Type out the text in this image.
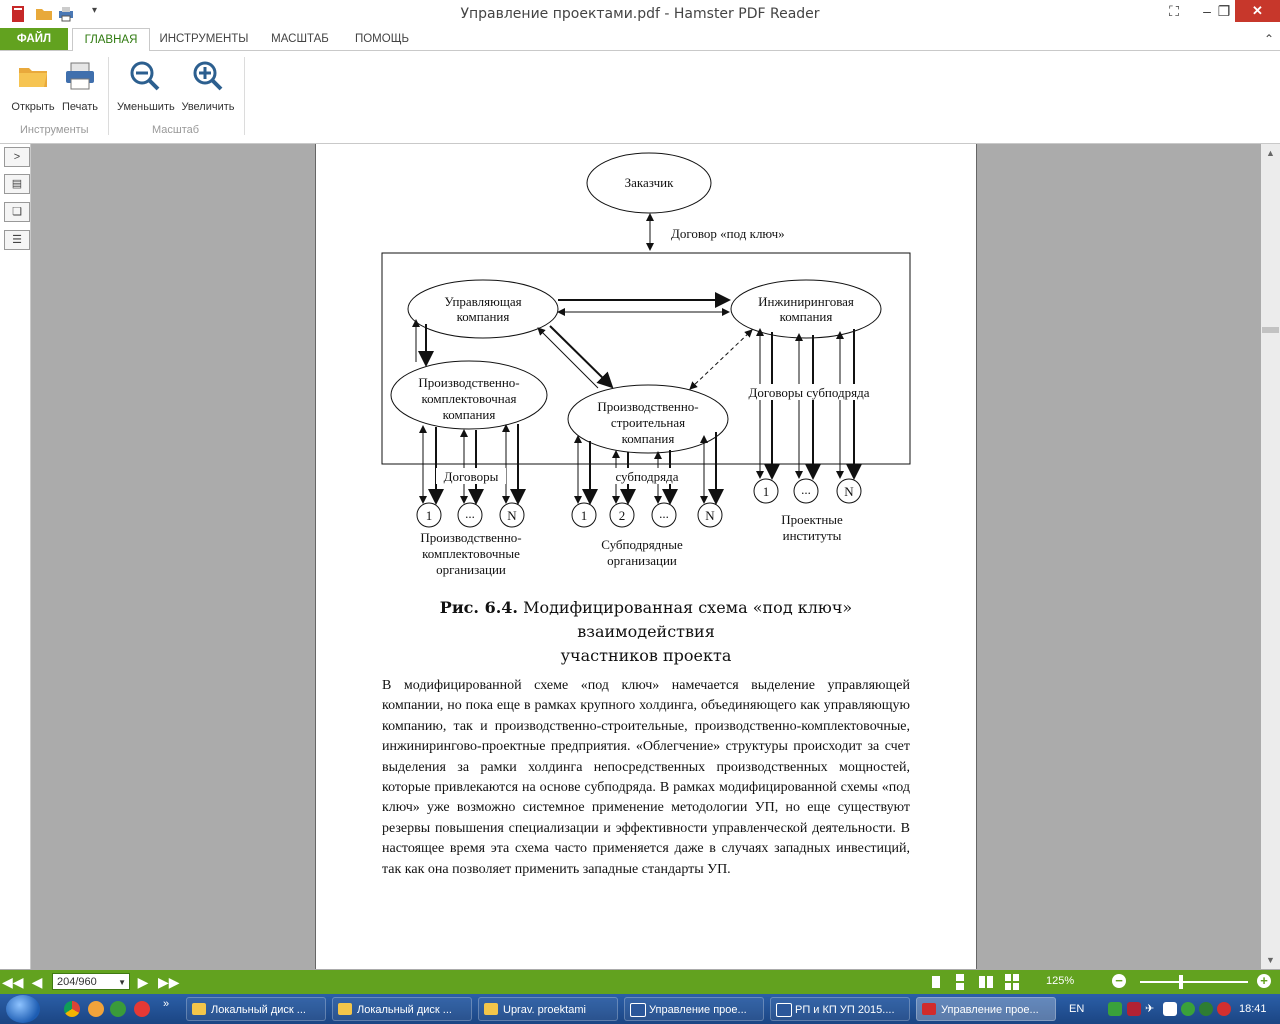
▾	Управление проектами.pdf - Hamster PDF Reader	⛶	– ❐	✕
ФАЙЛ	ГЛАВНАЯ	ИНСТРУМЕНТЫ	МАСШТАБ	ПОМОЩЬ	⌃
Открыть Печать	Уменьшить Увеличить
Инструменты	Масштаб
>
▤
❏
☰
Заказчик
Договор «под ключ»
Управляющая
компания
Инжиниринговая
компания
Производственно-
комплектовочная
компания
Производственно-
строительная
компания
Договоры субподряда
Договоры	субподряда
1	... N
Производственно-
комплектовочные
организации
1 2	...	N
Субподрядные
организации
1 ...	N
Проектные
институты
Рис. 6.4. Модифицированная схема «под ключ» взаимодействия
участников проекта
В модифицированной схеме «под ключ» намечается выделение управляющей компании, но пока еще в рамках крупного холдинга, объединяющего как управляющую компанию, так и производственно-строительные, производственно-комплектовочные, инжинирингово-проектные предприятия. «Облегчение» структуры происходит за счет выделения за рамки холдинга непосредственных производственных мощностей, которые привлекаются на основе субподряда. В рамках модифицированной схемы «под ключ» уже возможно системное применение методологии УП, но еще существуют резервы повышения специализации и эффективности управленческой деятельности. В настоящее время эта схема часто применяется даже в случаях западных инвестиций, так как она позволяет применить западные стандарты УП.
▲
▼
◀◀ ◀	204/960	▼ ▶ ▶▶	125%	−	+
»	Локальный диск ...	Локальный диск ...	Uprav. proektami	Управление прое...	РП и КП УП 2015....	Управление прое...	EN	✈	18:41
